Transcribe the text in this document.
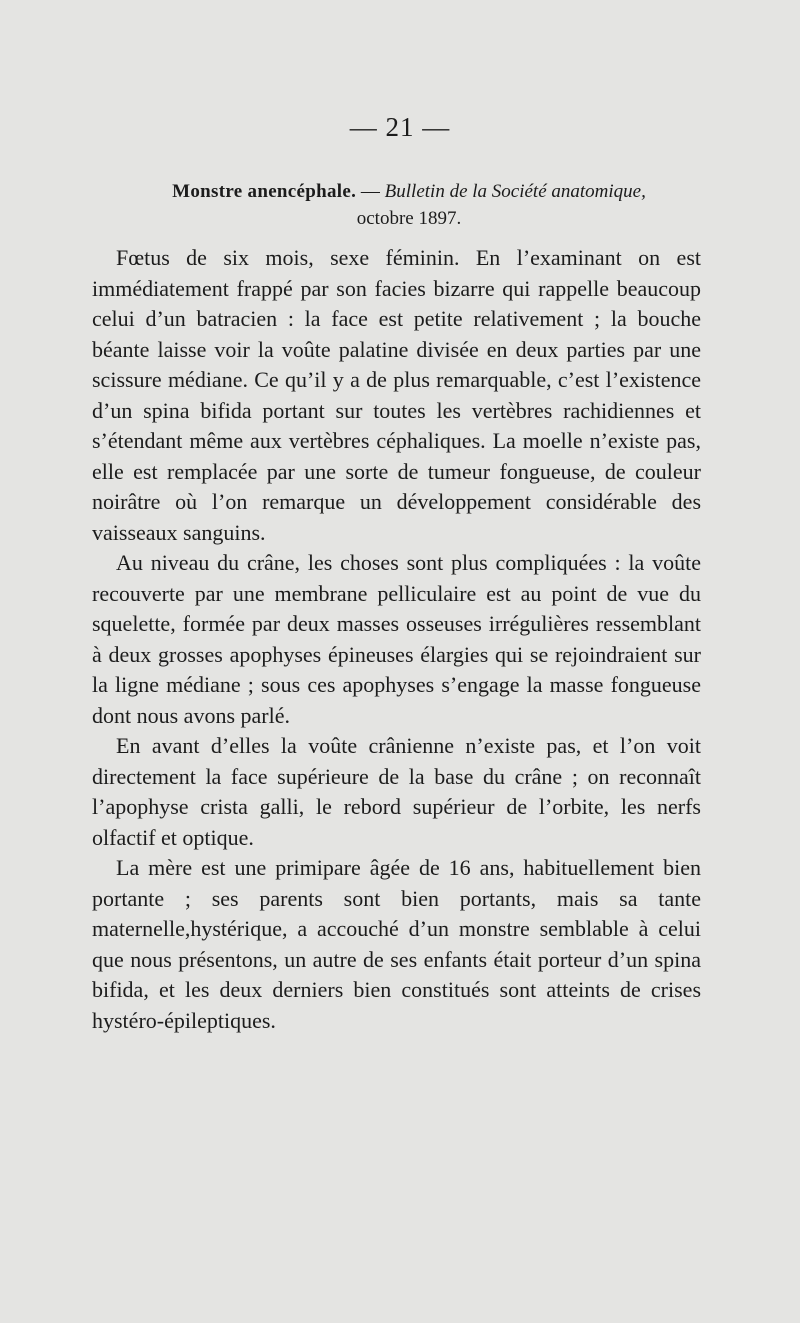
— 21 —
Monstre anencéphale. — Bulletin de la Société anatomique,
octobre 1897.

Fœtus de six mois, sexe féminin. En l’examinant on est immédiatement frappé par son facies bizarre qui rappelle beaucoup celui d’un batracien : la face est petite relativement ; la bouche béante laisse voir la voûte palatine divisée en deux parties par une scissure médiane. Ce qu’il y a de plus remarquable, c’est l’existence d’un spina bifida portant sur toutes les vertèbres rachidiennes et s’étendant même aux vertèbres céphaliques. La moelle n’existe pas, elle est remplacée par une sorte de tumeur fongueuse, de couleur noirâtre où l’on remarque un développement considérable des vaisseaux sanguins.

Au niveau du crâne, les choses sont plus compliquées : la voûte recouverte par une membrane pelliculaire est au point de vue du squelette, formée par deux masses osseuses irrégulières ressemblant à deux grosses apophyses épineuses élargies qui se rejoindraient sur la ligne médiane ; sous ces apophyses s’engage la masse fongueuse dont nous avons parlé.

En avant d’elles la voûte crânienne n’existe pas, et l’on voit directement la face supérieure de la base du crâne ; on reconnaît l’apophyse crista galli, le rebord supérieur de l’orbite, les nerfs olfactif et optique.

La mère est une primipare âgée de 16 ans, habituellement bien portante ; ses parents sont bien portants, mais sa tante maternelle,hystérique, a accouché d’un monstre semblable à celui que nous présentons, un autre de ses enfants était porteur d’un spina bifida, et les deux derniers bien constitués sont atteints de crises hystéro-épileptiques.
